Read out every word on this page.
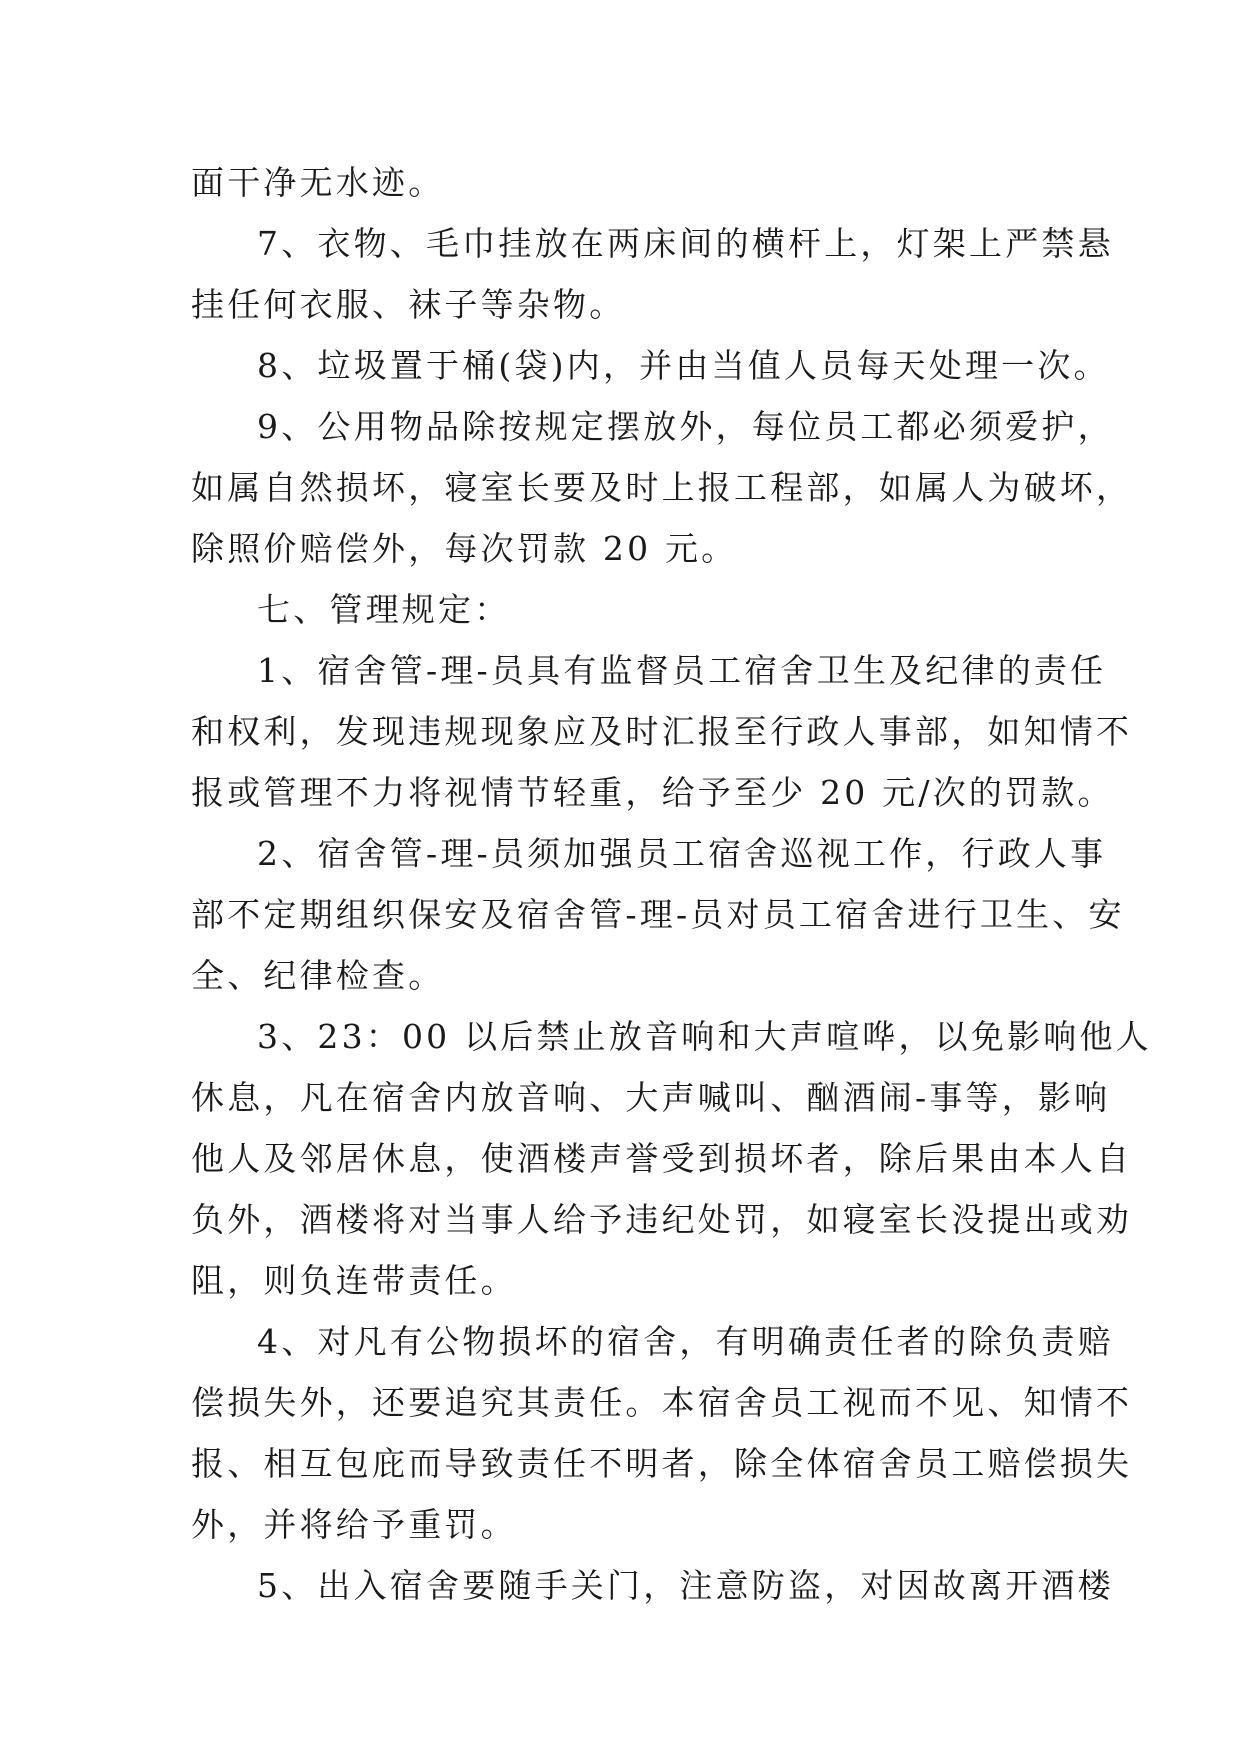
面干净无水迹。
7、衣物、毛巾挂放在两床间的横杆上，灯架上严禁悬
挂任何衣服、袜子等杂物。
8、垃圾置于桶(袋)内，并由当值人员每天处理一次。
9、公用物品除按规定摆放外，每位员工都必须爱护，
如属自然损坏，寝室长要及时上报工程部，如属人为破坏，
除照价赔偿外，每次罚款 20 元。
七、管理规定：
1、宿舍管-理-员具有监督员工宿舍卫生及纪律的责任
和权利，发现违规现象应及时汇报至行政人事部，如知情不
报或管理不力将视情节轻重，给予至少 20 元/次的罚款。
2、宿舍管-理-员须加强员工宿舍巡视工作，行政人事
部不定期组织保安及宿舍管-理-员对员工宿舍进行卫生、安
全、纪律检查。
3、23：00 以后禁止放音响和大声喧哗，以免影响他人
休息，凡在宿舍内放音响、大声喊叫、酗酒闹-事等，影响
他人及邻居休息，使酒楼声誉受到损坏者，除后果由本人自
负外，酒楼将对当事人给予违纪处罚，如寝室长没提出或劝
阻，则负连带责任。
4、对凡有公物损坏的宿舍，有明确责任者的除负责赔
偿损失外，还要追究其责任。本宿舍员工视而不见、知情不
报、相互包庇而导致责任不明者，除全体宿舍员工赔偿损失
外，并将给予重罚。
5、出入宿舍要随手关门，注意防盗，对因故离开酒楼
